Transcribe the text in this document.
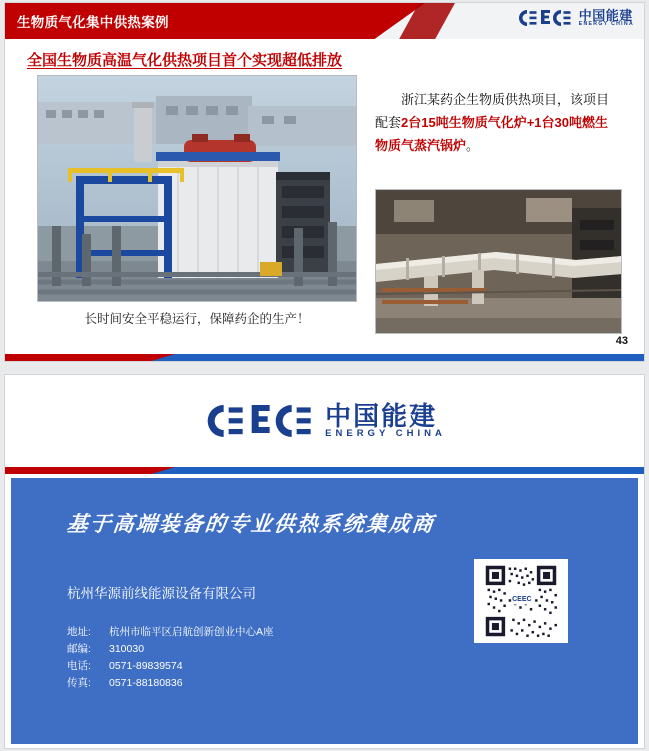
生物质气化集中供热案例	中国能建
ENERGY CHINA
全国生物质高温气化供热项目首个实现超低排放
长时间安全平稳运行，保障药企的生产！

浙江某药企生物质供热项目，该项目配套2台15吨生物质气化炉+1台30吨燃生物质气蒸汽锅炉。

43
中国能建
ENERGY CHINA
基于高端装备的专业供热系统集成商
杭州华源前线能源设备有限公司
地址: 杭州市临平区启航创新创业中心A座
邮编: 310030
电话: 0571-89839574
传真: 0571-88180836
CEEC
